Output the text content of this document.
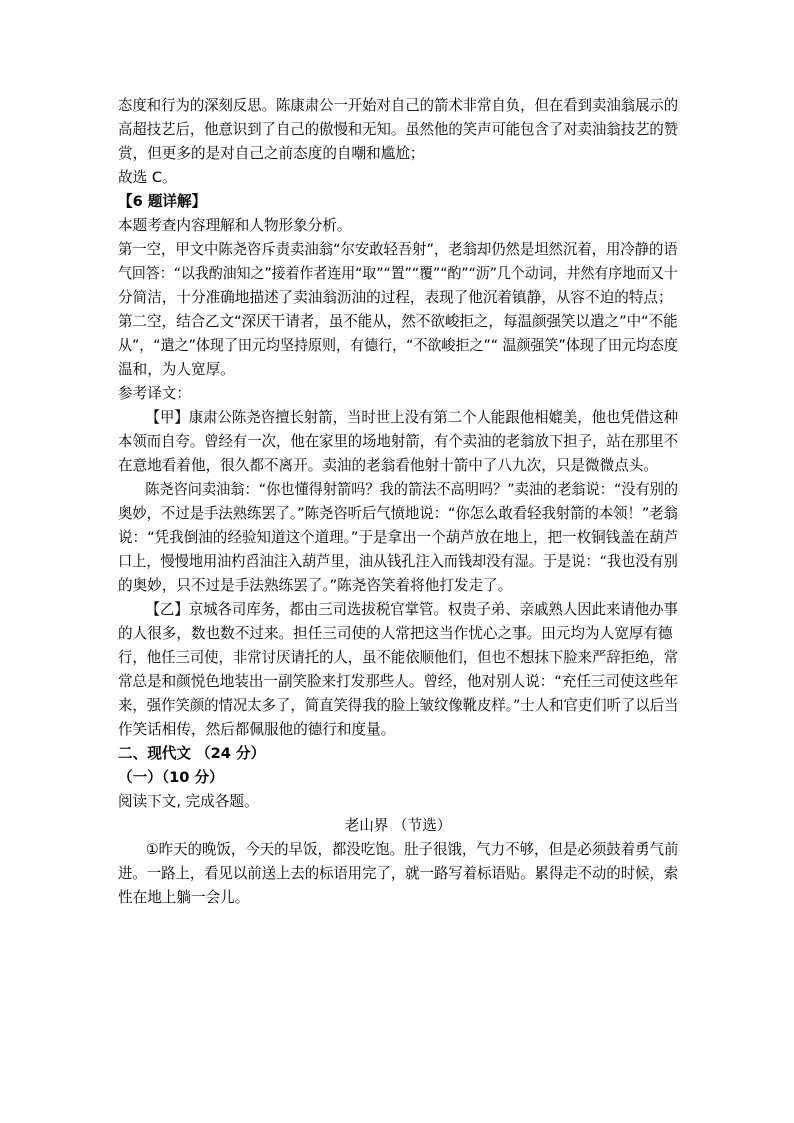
态度和行为的深刻反思。陈康肃公一开始对自己的箭术非常自负，但在看到卖油翁展示的
高超技艺后，他意识到了自己的傲慢和无知。虽然他的笑声可能包含了对卖油翁技艺的赞
赏，但更多的是对自己之前态度的自嘲和尴尬；
故选 C。
【6 题详解】
本题考查内容理解和人物形象分析。
第一空，甲文中陈尧咨斥责卖油翁“尔安敢轻吾射”，老翁却仍然是坦然沉着，用冷静的语
气回答：“以我酌油知之”接着作者连用“取”“置”“覆”“酌”“沥”几个动词，井然有序地而又十
分简洁，十分准确地描述了卖油翁沥油的过程，表现了他沉着镇静，从容不迫的特点；
第二空，结合乙文“深厌干请者，虽不能从，然不欲峻拒之，每温颜强笑以遣之”中“不能
从”，“遣之”体现了田元均坚持原则，有德行，“不欲峻拒之”“ 温颜强笑”体现了田元均态度
温和，为人宽厚。
参考译文：
【甲】康肃公陈尧咨擅长射箭，当时世上没有第二个人能跟他相媲美，他也凭借这种
本领而自夸。曾经有一次，他在家里的场地射箭，有个卖油的老翁放下担子，站在那里不
在意地看着他，很久都不离开。卖油的老翁看他射十箭中了八九次，只是微微点头。
陈尧咨问卖油翁：“你也懂得射箭吗？我的箭法不高明吗？”卖油的老翁说：“没有别的
奥妙，不过是手法熟练罢了。”陈尧咨听后气愤地说：“你怎么敢看轻我射箭的本领！”老翁
说：“凭我倒油的经验知道这个道理。”于是拿出一个葫芦放在地上，把一枚铜钱盖在葫芦
口上，慢慢地用油杓舀油注入葫芦里，油从钱孔注入而钱却没有湿。于是说：“我也没有别
的奥妙，只不过是手法熟练罢了。”陈尧咨笑着将他打发走了。
【乙】京城各司库务，都由三司选拔税官掌管。权贵子弟、亲戚熟人因此来请他办事
的人很多，数也数不过来。担任三司使的人常把这当作忧心之事。田元均为人宽厚有德
行，他任三司使，非常讨厌请托的人，虽不能依顺他们，但也不想抹下脸来严辞拒绝，常
常总是和颜悦色地装出一副笑脸来打发那些人。曾经，他对别人说：“充任三司使这些年
来，强作笑颜的情况太多了，简直笑得我的脸上皱纹像靴皮样。”士人和官吏们听了以后当
作笑话相传，然后都佩服他的德行和度量。
二、现代文 （24 分）
（一）（10 分）
阅读下文, 完成各题。
老山界 （节选）
①昨天的晚饭，今天的早饭，都没吃饱。肚子很饿，气力不够，但是必须鼓着勇气前
进。一路上，看见以前送上去的标语用完了，就一路写着标语贴。累得走不动的时候，索
性在地上躺一会儿。
